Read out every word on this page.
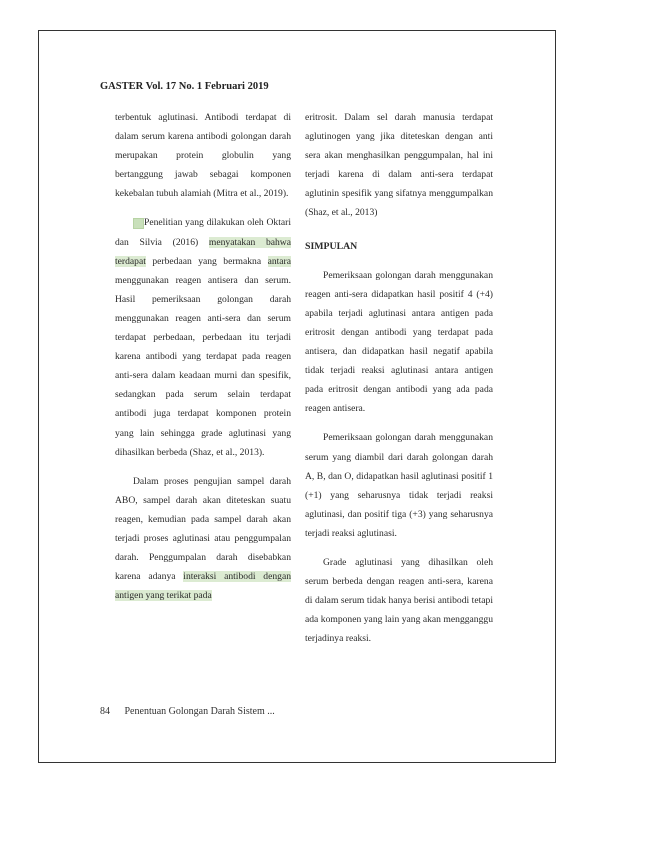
GASTER Vol. 17 No. 1 Februari 2019

terbentuk aglutinasi. Antibodi terdapat di dalam serum karena antibodi golongan darah merupakan protein globulin yang bertanggung jawab sebagai komponen kekebalan tubuh alamiah (Mitra et al., 2019).

Penelitian yang dilakukan oleh Oktari dan Silvia (2016) menyatakan bahwa terdapat perbedaan yang bermakna antara menggunakan reagen antisera dan serum. Hasil pemeriksaan golongan darah menggunakan reagen anti-sera dan serum terdapat perbedaan, perbedaan itu terjadi karena antibodi yang terdapat pada reagen anti-sera dalam keadaan murni dan spesifik, sedangkan pada serum selain terdapat antibodi juga terdapat komponen protein yang lain sehingga grade aglutinasi yang dihasilkan berbeda (Shaz, et al., 2013).

Dalam proses pengujian sampel darah ABO, sampel darah akan diteteskan suatu reagen, kemudian pada sampel darah akan terjadi proses aglutinasi atau penggumpalan darah. Penggumpalan darah disebabkan karena adanya interaksi antibodi dengan antigen yang terikat pada

eritrosit. Dalam sel darah manusia terdapat aglutinogen yang jika diteteskan dengan anti sera akan menghasilkan penggumpalan, hal ini terjadi karena di dalam anti-sera terdapat aglutinin spesifik yang sifatnya menggumpalkan (Shaz, et al., 2013)

SIMPULAN

Pemeriksaan golongan darah menggunakan reagen anti-sera didapatkan hasil positif 4 (+4) apabila terjadi aglutinasi antara antigen pada eritrosit dengan antibodi yang terdapat pada antisera, dan didapatkan hasil negatif apabila tidak terjadi reaksi aglutinasi antara antigen pada eritrosit dengan antibodi yang ada pada reagen antisera.

Pemeriksaan golongan darah menggunakan serum yang diambil dari darah golongan darah A, B, dan O, didapatkan hasil aglutinasi positif 1 (+1) yang seharusnya tidak terjadi reaksi aglutinasi, dan positif tiga (+3) yang seharusnya terjadi reaksi aglutinasi.

Grade aglutinasi yang dihasilkan oleh serum berbeda dengan reagen anti-sera, karena di dalam serum tidak hanya berisi antibodi tetapi ada komponen yang lain yang akan mengganggu terjadinya reaksi.

84 Penentuan Golongan Darah Sistem ...
